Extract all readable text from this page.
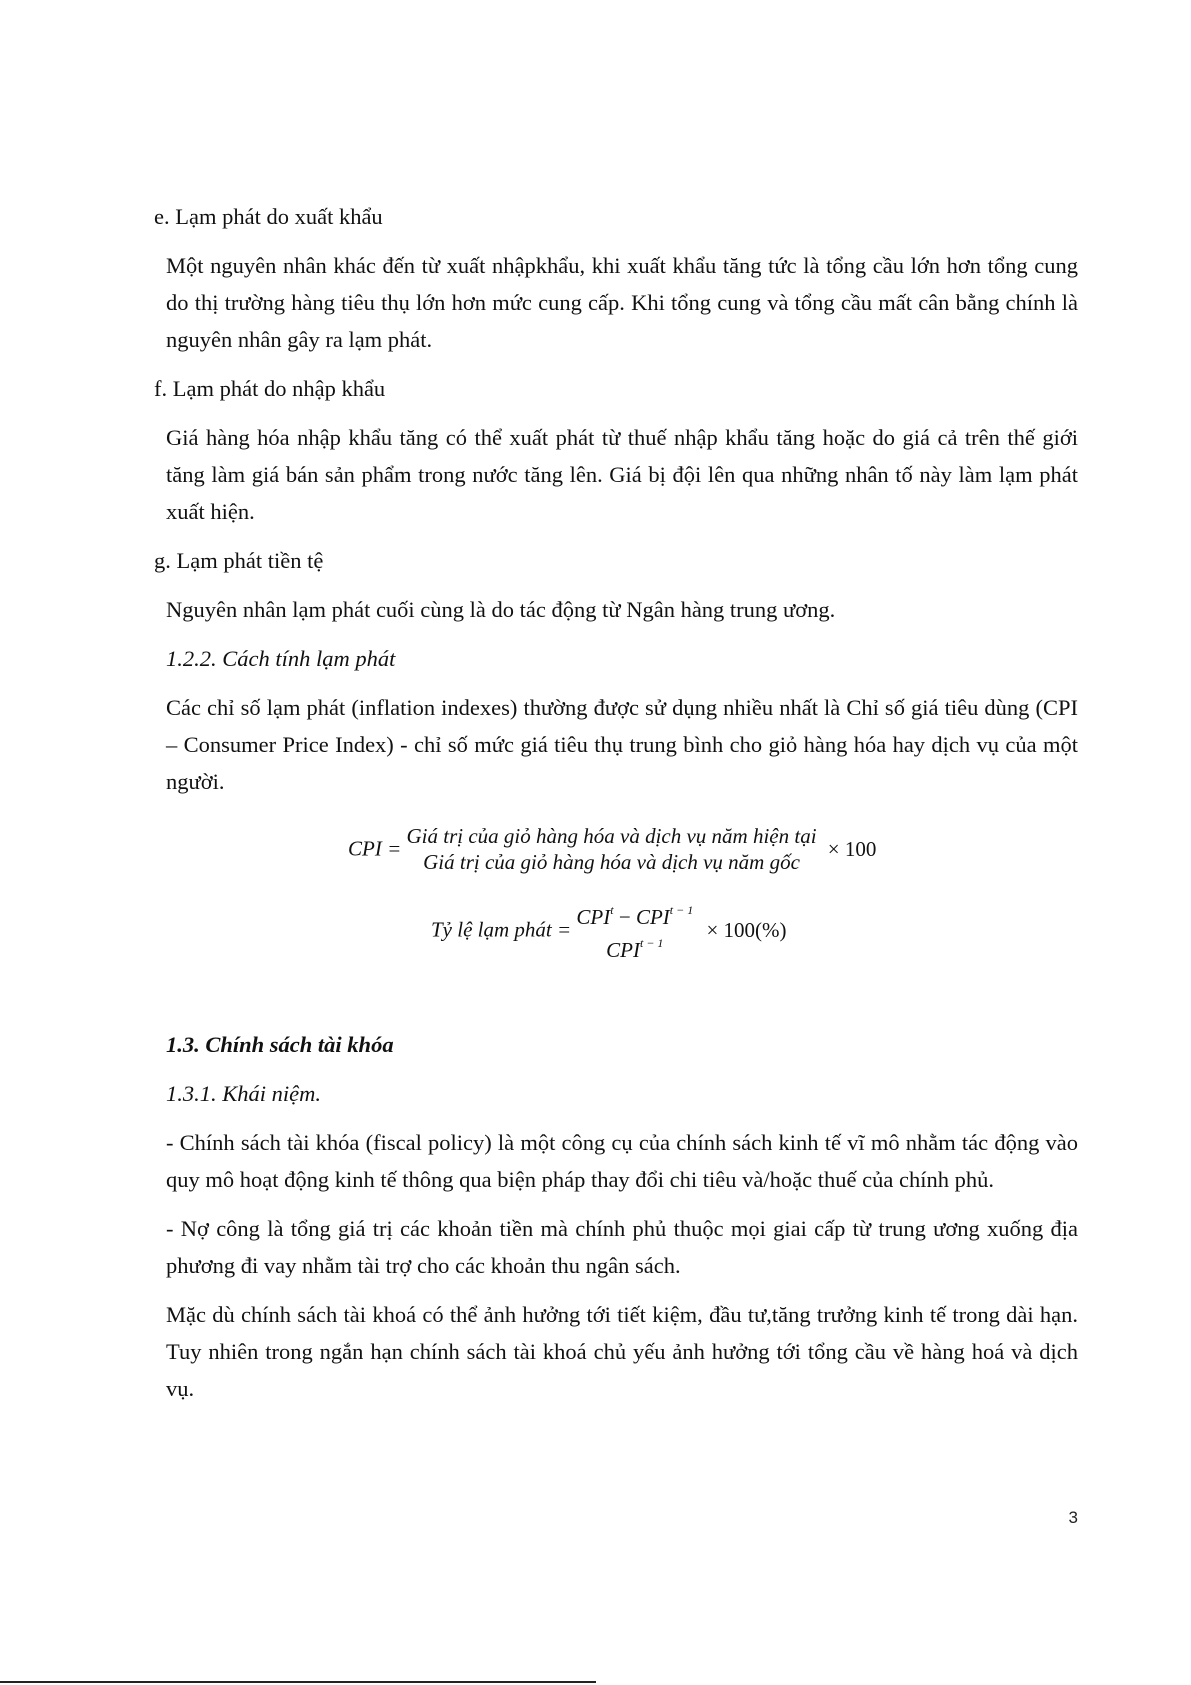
e. Lạm phát do xuất khẩu

Một nguyên nhân khác đến từ xuất nhậpkhẩu, khi xuất khẩu tăng tức là tổng cầu lớn hơn tổng cung do thị trường hàng tiêu thụ lớn hơn mức cung cấp. Khi tổng cung và tổng cầu mất cân bằng chính là nguyên nhân gây ra lạm phát.

f. Lạm phát do nhập khẩu

Giá hàng hóa nhập khẩu tăng có thể xuất phát từ thuế nhập khẩu tăng hoặc do giá cả trên thế giới tăng làm giá bán sản phẩm trong nước tăng lên. Giá bị đội lên qua những nhân tố này làm lạm phát xuất hiện.

g. Lạm phát tiền tệ

Nguyên nhân lạm phát cuối cùng là do tác động từ Ngân hàng trung ương.

1.2.2. Cách tính lạm phát

Các chỉ số lạm phát (inflation indexes) thường được sử dụng nhiều nhất là Chỉ số giá tiêu dùng (CPI – Consumer Price Index) - chỉ số mức giá tiêu thụ trung bình cho giỏ hàng hóa hay dịch vụ của một người.

CPI =
Giá trị của giỏ hàng hóa và dịch vụ năm hiện tại
Giá trị của giỏ hàng hóa và dịch vụ năm gốc
× 100
Tỷ lệ lạm phát =
$CPI^t - CPI^{t - 1}$
$CPI^{t - 1}$
× 100(%)
1.3. Chính sách tài khóa
1.3.1. Khái niệm.

- Chính sách tài khóa (fiscal policy) là một công cụ của chính sách kinh tế vĩ mô nhằm tác động vào quy mô hoạt động kinh tế thông qua biện pháp thay đổi chi tiêu và/hoặc thuế của chính phủ.

- Nợ công là tổng giá trị các khoản tiền mà chính phủ thuộc mọi giai cấp từ trung ương xuống địa phương đi vay nhằm tài trợ cho các khoản thu ngân sách.

Mặc dù chính sách tài khoá có thể ảnh hưởng tới tiết kiệm, đầu tư,tăng trưởng kinh tế trong dài hạn. Tuy nhiên trong ngắn hạn chính sách tài khoá chủ yếu ảnh hưởng tới tổng cầu về hàng hoá và dịch vụ.

3
